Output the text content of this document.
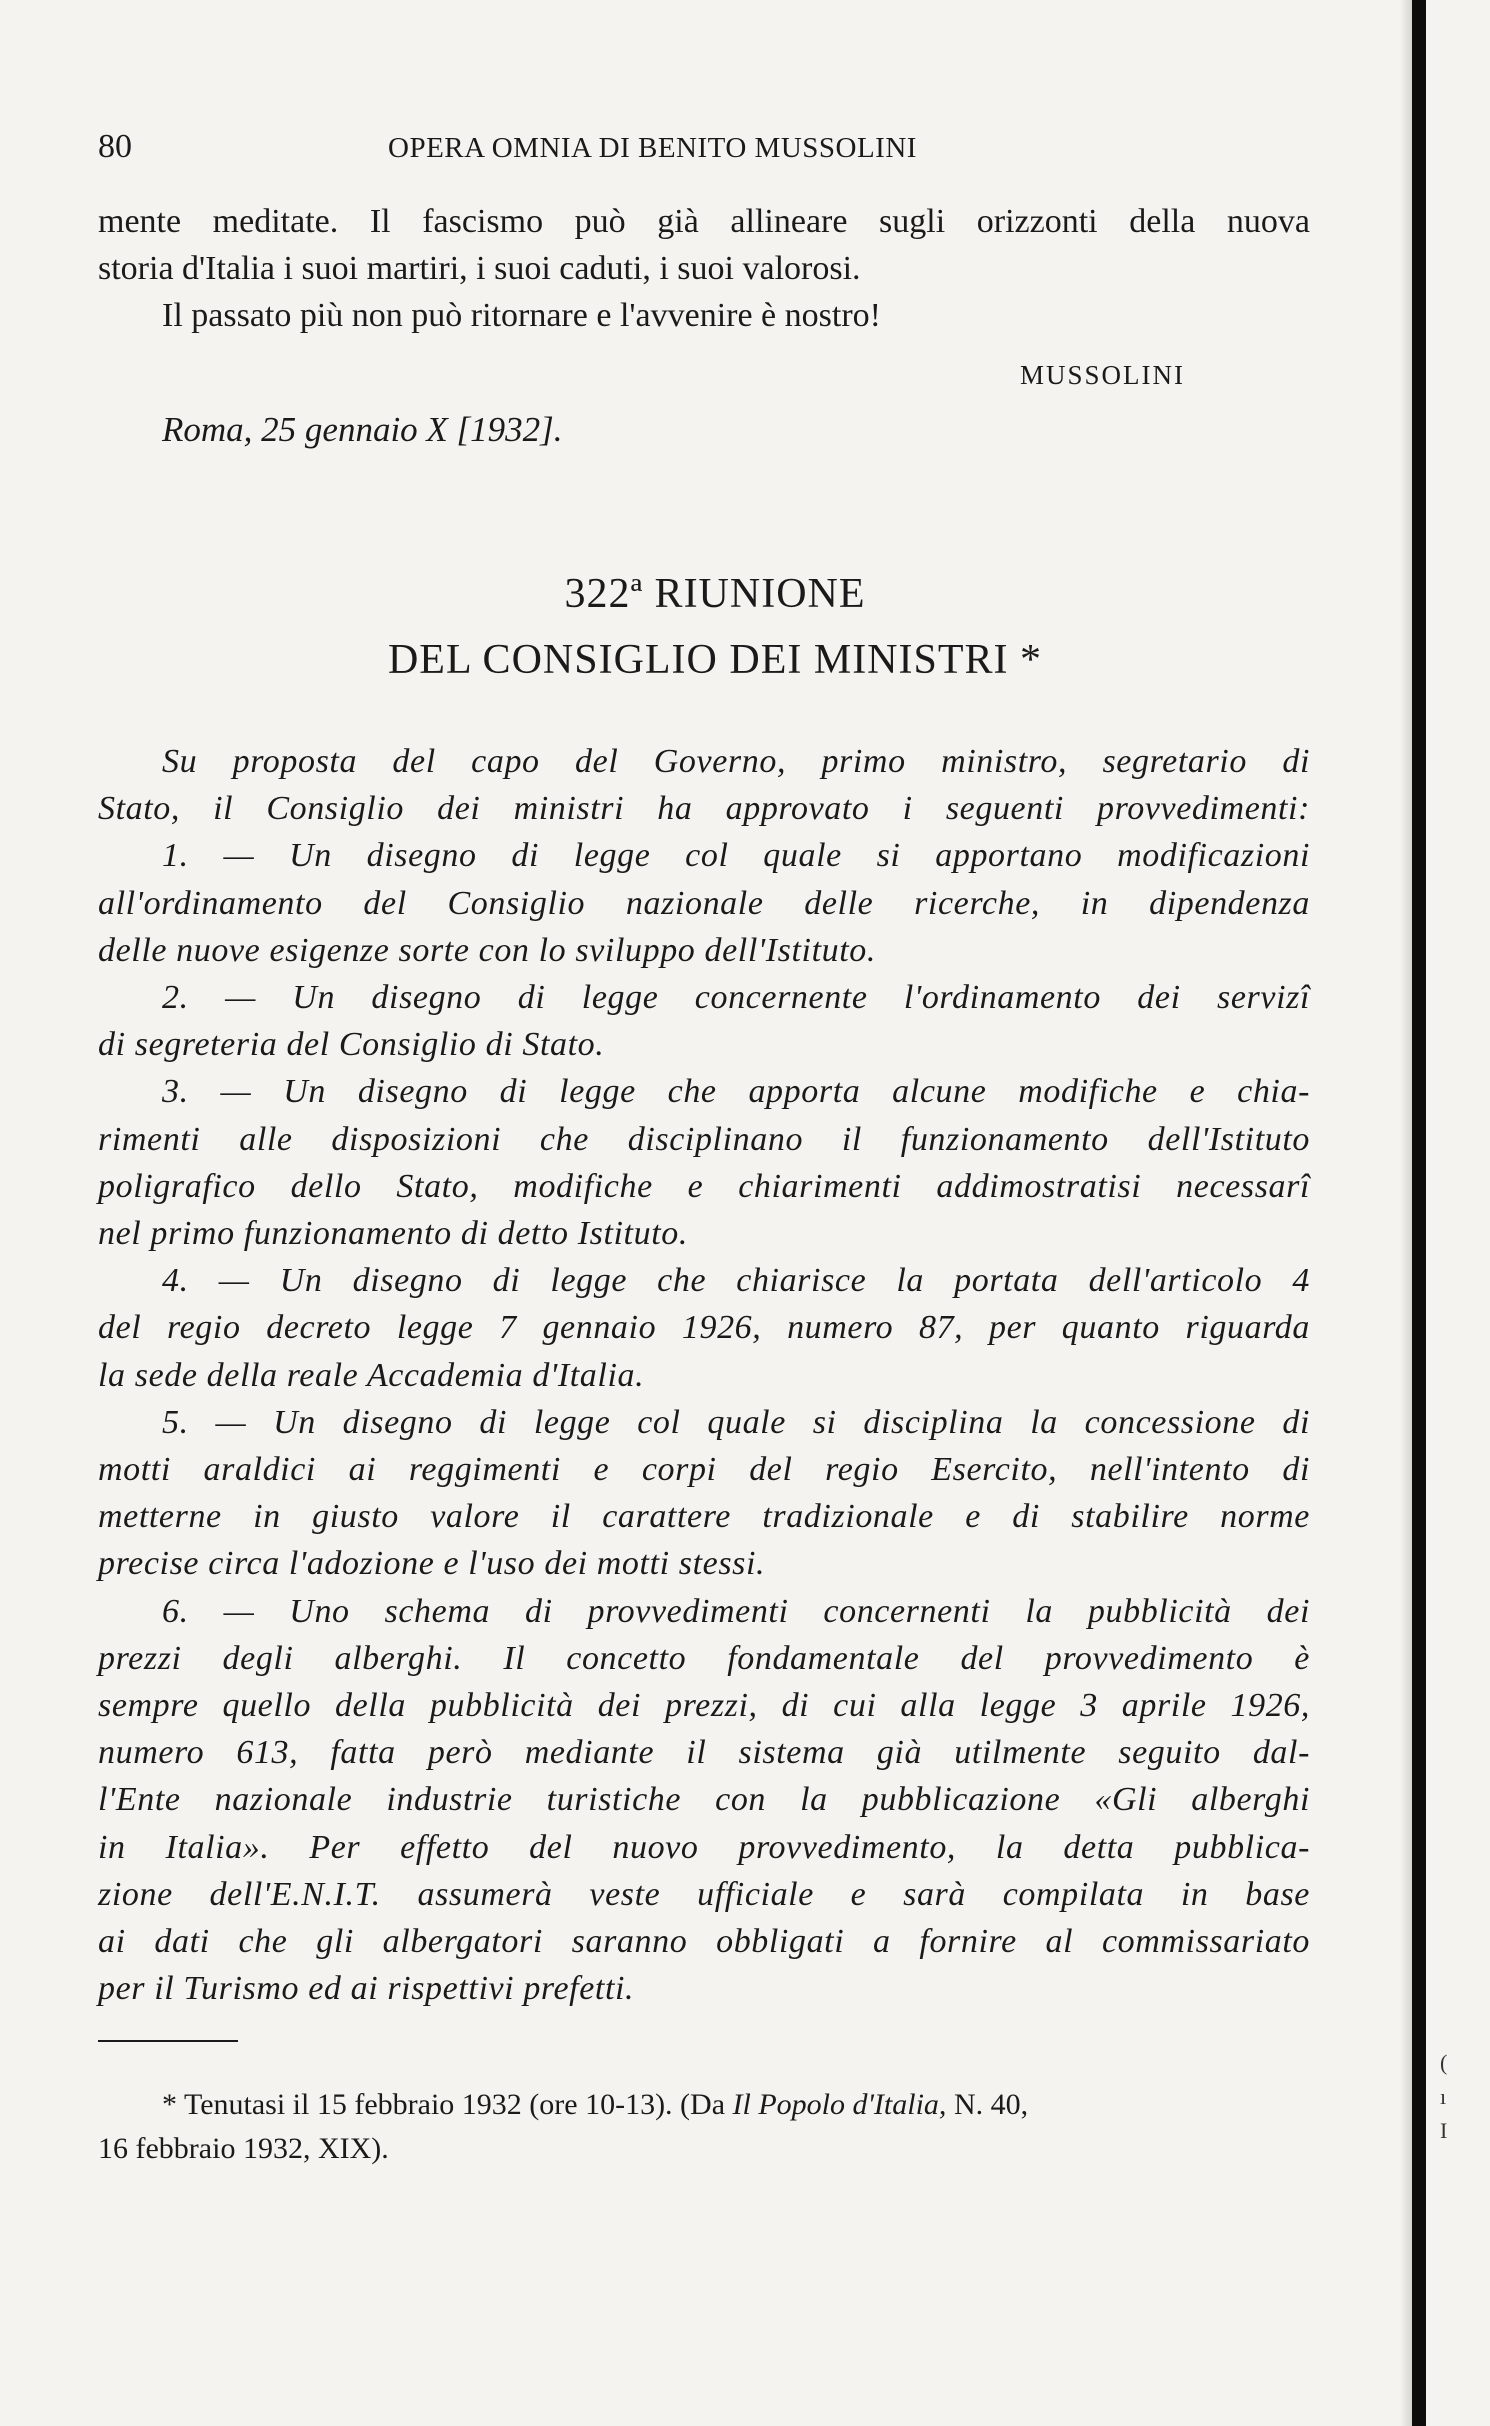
80	OPERA OMNIA DI BENITO MUSSOLINI
mente meditate. Il fascismo può già allineare sugli orizzonti della nuova
storia d'Italia i suoi martiri, i suoi caduti, i suoi valorosi.
Il passato più non può ritornare e l'avvenire è nostro!
MUSSOLINI
Roma, 25 gennaio X [1932].
322ª RIUNIONE
DEL CONSIGLIO DEI MINISTRI *
Su proposta del capo del Governo, primo ministro, segretario di
Stato, il Consiglio dei ministri ha approvato i seguenti provvedimenti:
1. — Un disegno di legge col quale si apportano modificazioni
all'ordinamento del Consiglio nazionale delle ricerche, in dipendenza
delle nuove esigenze sorte con lo sviluppo dell'Istituto.
2. — Un disegno di legge concernente l'ordinamento dei servizî
di segreteria del Consiglio di Stato.
3. — Un disegno di legge che apporta alcune modifiche e chia-
rimenti alle disposizioni che disciplinano il funzionamento dell'Istituto
poligrafico dello Stato, modifiche e chiarimenti addimostratisi necessarî
nel primo funzionamento di detto Istituto.
4. — Un disegno di legge che chiarisce la portata dell'articolo 4
del regio decreto legge 7 gennaio 1926, numero 87, per quanto riguarda
la sede della reale Accademia d'Italia.
5. — Un disegno di legge col quale si disciplina la concessione di
motti araldici ai reggimenti e corpi del regio Esercito, nell'intento di
metterne in giusto valore il carattere tradizionale e di stabilire norme
precise circa l'adozione e l'uso dei motti stessi.
6. — Uno schema di provvedimenti concernenti la pubblicità dei
prezzi degli alberghi. Il concetto fondamentale del provvedimento è
sempre quello della pubblicità dei prezzi, di cui alla legge 3 aprile 1926,
numero 613, fatta però mediante il sistema già utilmente seguito dal-
l'Ente nazionale industrie turistiche con la pubblicazione «Gli alberghi
in Italia». Per effetto del nuovo provvedimento, la detta pubblica-
zione dell'E.N.I.T. assumerà veste ufficiale e sarà compilata in base
ai dati che gli albergatori saranno obbligati a fornire al commissariato
per il Turismo ed ai rispettivi prefetti.
* Tenutasi il 15 febbraio 1932 (ore 10-13). (Da Il Popolo d'Italia, N. 40,
16 febbraio 1932, XIX).
(
ı
I
